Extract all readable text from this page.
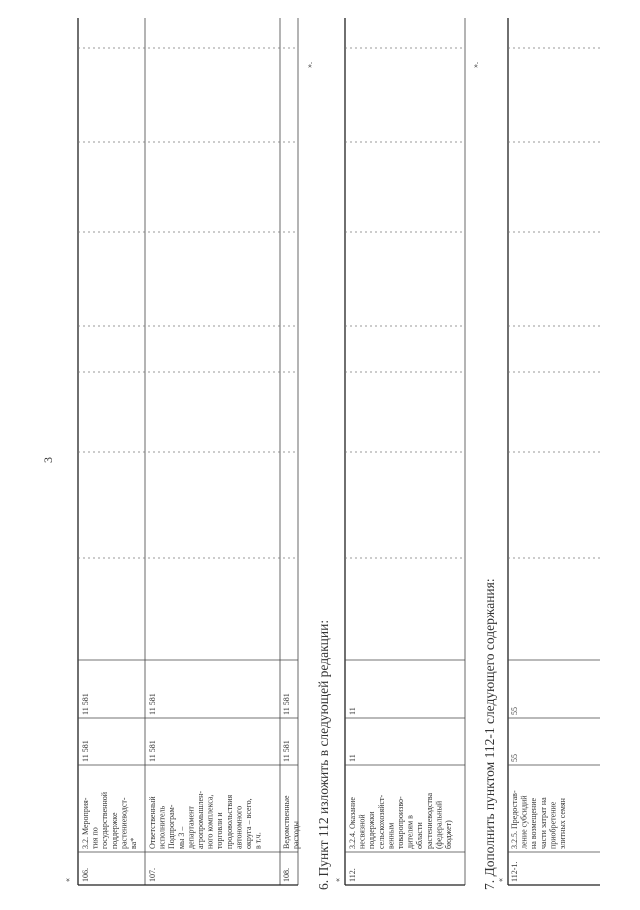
3
«
».
«
».
«
6. Пункт 112 изложить в следующей редакции:	7. Дополнить пунктом 112-1 следующего содержания:
106.
3.2. Мероприя- тия по государственной поддержке растениеводст- ва*
11 581
11 581
107.
Ответственный исполнитель Подпрограм- мы 3 – департамент агропромышлен- ного комплекса, торговли и продовольствия автономного округа – всего, в т.ч.
11 581
11 581
108.
Ведомственные расходы
11 581
11 581
112.
3.2.4. Оказание несвязной поддержки сельскохозяйст- венным товаропроизво- дителям в области растениеводства (федеральный бюджет)
11
11
112-1.
3.2.5. Предостав- ление субсидий на возмещение части затрат на приобретение элитных семян
55
55
